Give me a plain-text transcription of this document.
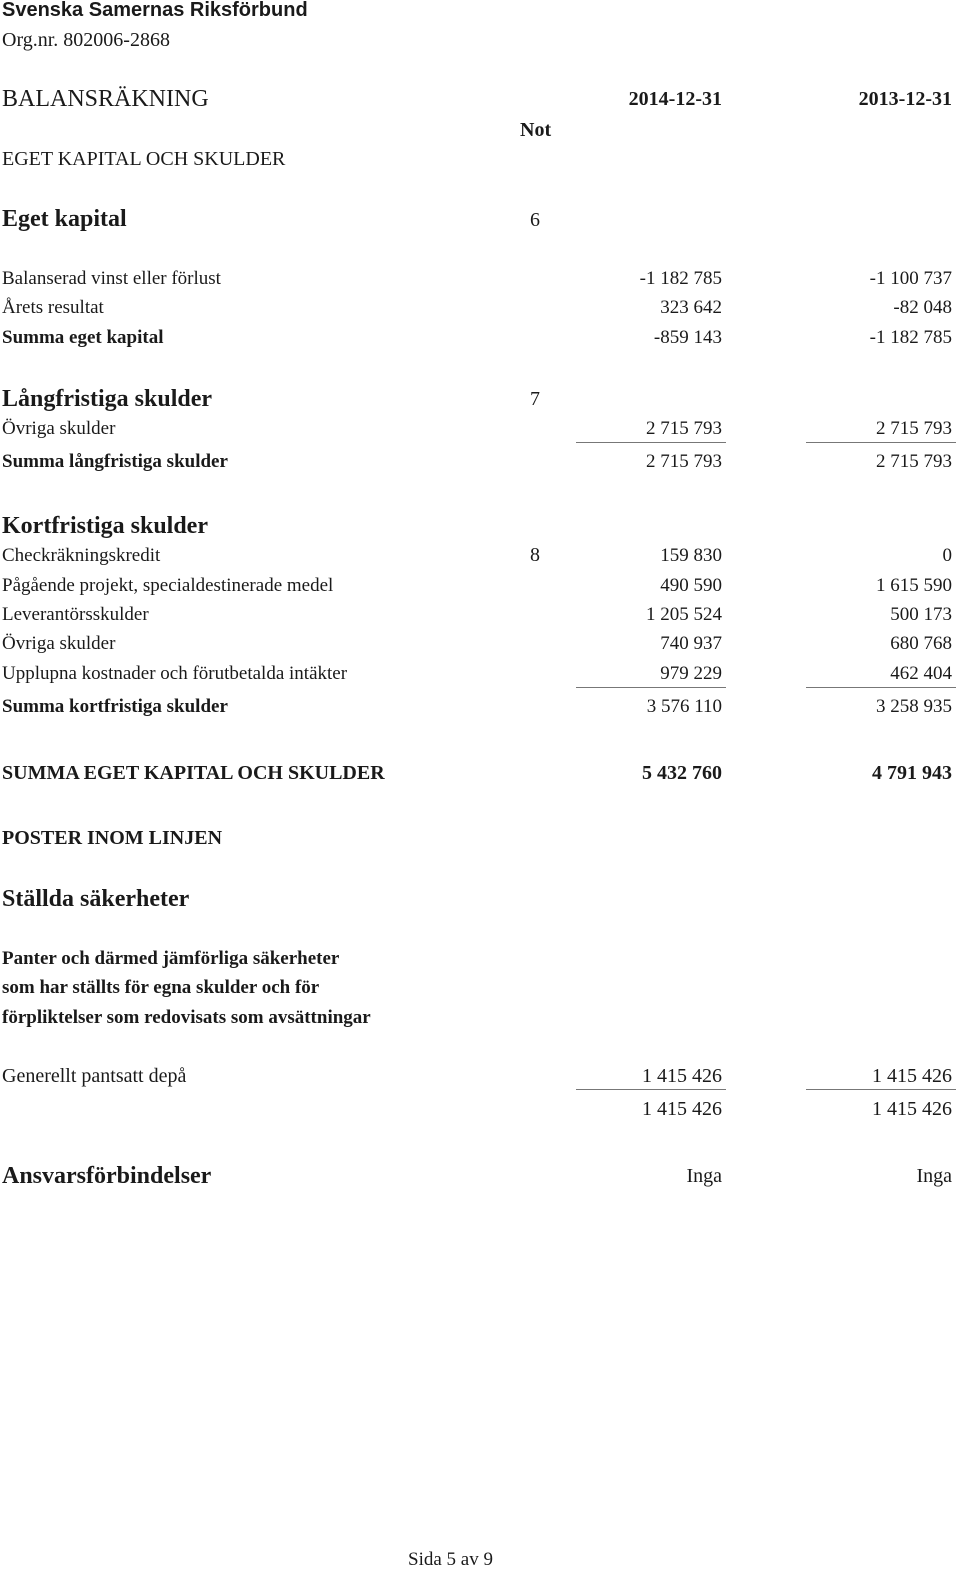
Svenska Samernas Riksförbund
Org.nr. 802006-2868
BALANSRÄKNING	2014-12-31	2013-12-31
Not
EGET KAPITAL OCH SKULDER
Eget kapital	6
Balanserad vinst eller förlust	-1 182 785	-1 100 737
Årets resultat	323 642	-82 048
Summa eget kapital	-859 143	-1 182 785
Långfristiga skulder	7
Övriga skulder	2 715 793	2 715 793
Summa långfristiga skulder	2 715 793	2 715 793
Kortfristiga skulder
Checkräkningskredit	8	159 830	0
Pågående projekt, specialdestinerade medel	490 590	1 615 590
Leverantörsskulder	1 205 524	500 173
Övriga skulder	740 937	680 768
Upplupna kostnader och förutbetalda intäkter	979 229	462 404
Summa kortfristiga skulder	3 576 110	3 258 935
SUMMA EGET KAPITAL OCH SKULDER	5 432 760	4 791 943
POSTER INOM LINJEN
Ställda säkerheter
Panter och därmed jämförliga säkerheter
som har ställts för egna skulder och för
förpliktelser som redovisats som avsättningar
Generellt pantsatt depå	1 415 426	1 415 426
1 415 426	1 415 426
Ansvarsförbindelser	Inga	Inga
Sida 5 av 9
